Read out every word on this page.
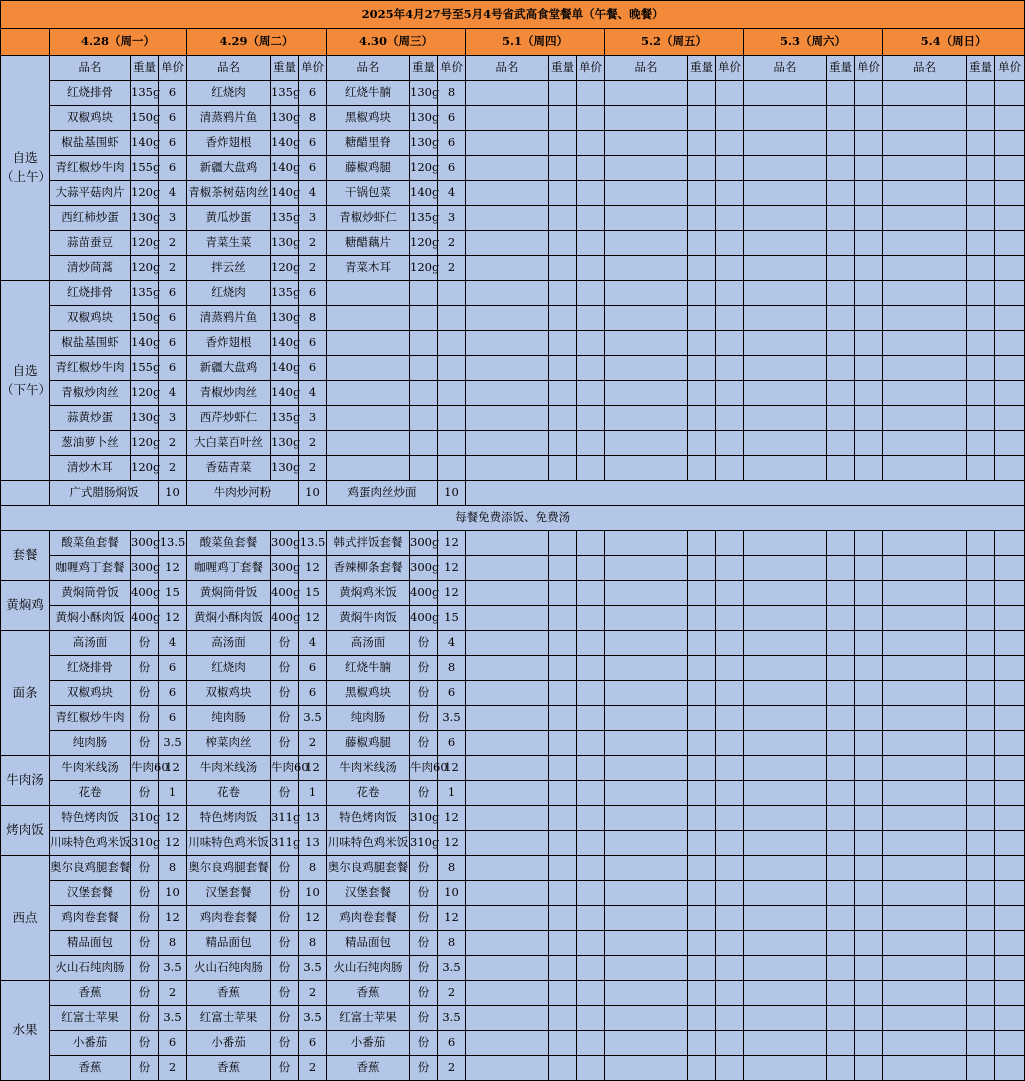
2025年4月27号至5月4号省武高食堂餐单（午餐、晚餐）																					
	4.28（周一）			4.29（周二）			4.30（周三）			5.1（周四）			5.2（周五）			5.3（周六）			5.4（周日）		
自选
（上午）	品名	重量	单价	品名	重量	单价	品名	重量	单价	品名	重量	单价	品名	重量	单价	品名	重量	单价	品名	重量	单价
	红烧排骨	135g	6	红烧肉	135g	6	红烧牛腩	130g	8												
	双椒鸡块	150g	6	清蒸鸦片鱼	130g	8	黑椒鸡块	130g	6												
	椒盐基围虾	140g	6	香炸翅根	140g	6	糖醋里脊	130g	6												
	青红椒炒牛肉	155g	6	新疆大盘鸡	140g	6	藤椒鸡腿	120g	6												
	大蒜平菇肉片	120g	4	青椒茶树菇肉丝	140g	4	干锅包菜	140g	4												
	西红柿炒蛋	130g	3	黄瓜炒蛋	135g	3	青椒炒虾仁	135g	3												
	蒜苗蚕豆	120g	2	青菜生菜	130g	2	糖醋藕片	120g	2												
	清炒茼蒿	120g	2	拌云丝	120g	2	青菜木耳	120g	2												
自选
（下午）	红烧排骨	135g	6	红烧肉	135g	6															
	双椒鸡块	150g	6	清蒸鸦片鱼	130g	8															
	椒盐基围虾	140g	6	香炸翅根	140g	6															
	青红椒炒牛肉	155g	6	新疆大盘鸡	140g	6															
	青椒炒肉丝	120g	4	青椒炒肉丝	140g	4															
	蒜黄炒蛋	130g	3	西芹炒虾仁	135g	3															
	葱油萝卜丝	120g	2	大白菜百叶丝	130g	2															
	清炒木耳	120g	2	香菇青菜	130g	2															
	广式腊肠焖饭		10	牛肉炒河粉		10	鸡蛋肉丝炒面		10												
每餐免费添饭、免费汤																					
套餐	酸菜鱼套餐	300g	13.5	酸菜鱼套餐	300g	13.5	韩式拌饭套餐	300g	12												
	咖喱鸡丁套餐	300g	12	咖喱鸡丁套餐	300g	12	香辣柳条套餐	300g	12												
黄焖鸡	黄焖筒骨饭	400g	15	黄焖筒骨饭	400g	15	黄焖鸡米饭	400g	12												
	黄焖小酥肉饭	400g	12	黄焖小酥肉饭	400g	12	黄焖牛肉饭	400g	15												
面条	高汤面	份	4	高汤面	份	4	高汤面	份	4												
	红烧排骨	份	6	红烧肉	份	6	红烧牛腩	份	8												
	双椒鸡块	份	6	双椒鸡块	份	6	黑椒鸡块	份	6												
	青红椒炒牛肉	份	6	纯肉肠	份	3.5	纯肉肠	份	3.5												
	纯肉肠	份	3.5	榨菜肉丝	份	2	藤椒鸡腿	份	6												
牛肉汤	牛肉米线汤	牛肉60	12	牛肉米线汤	牛肉60	12	牛肉米线汤	牛肉60	12												
	花卷	份	1	花卷	份	1	花卷	份	1												
烤肉饭	特色烤肉饭	310g	12	特色烤肉饭	311g	13	特色烤肉饭	310g	12												
	川味特色鸡米饭	310g	12	川味特色鸡米饭	311g	13	川味特色鸡米饭	310g	12												
西点	奥尔良鸡腿套餐	份	8	奥尔良鸡腿套餐	份	8	奥尔良鸡腿套餐	份	8												
	汉堡套餐	份	10	汉堡套餐	份	10	汉堡套餐	份	10												
	鸡肉卷套餐	份	12	鸡肉卷套餐	份	12	鸡肉卷套餐	份	12												
	精品面包	份	8	精品面包	份	8	精品面包	份	8												
	火山石纯肉肠	份	3.5	火山石纯肉肠	份	3.5	火山石纯肉肠	份	3.5												
水果	香蕉	份	2	香蕉	份	2	香蕉	份	2												
	红富士苹果	份	3.5	红富士苹果	份	3.5	红富士苹果	份	3.5												
	小番茄	份	6	小番茄	份	6	小番茄	份	6												
	香蕉	份	2	香蕉	份	2	香蕉	份	2												
